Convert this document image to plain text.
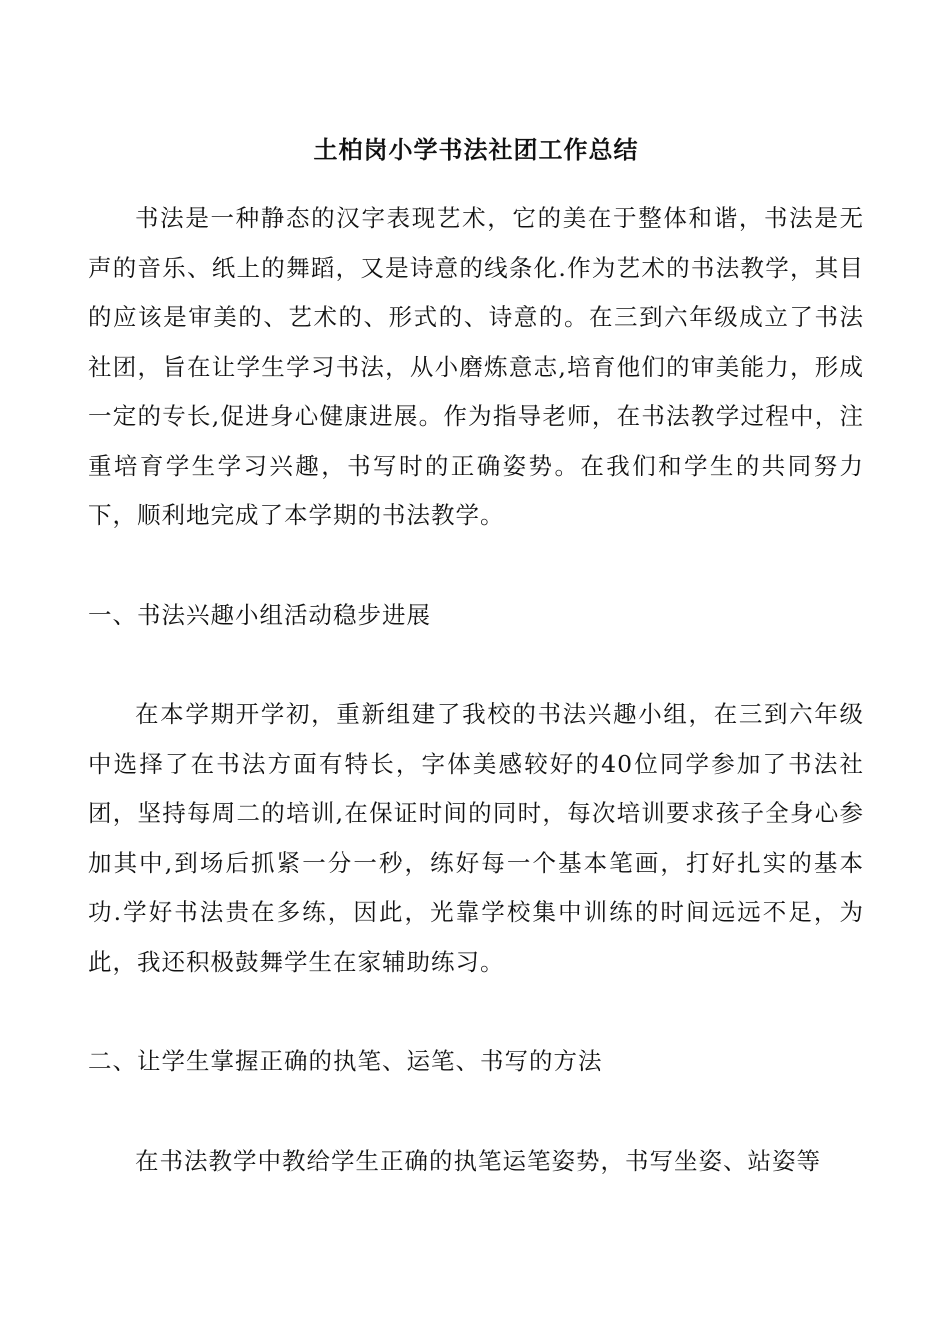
土柏岗小学书法社团工作总结

书法是一种静态的汉字表现艺术，它的美在于整体和谐，书法是无声的音乐、纸上的舞蹈，又是诗意的线条化.作为艺术的书法教学，其目的应该是审美的、艺术的、形式的、诗意的。在三到六年级成立了书法社团，旨在让学生学习书法，从小磨炼意志,培育他们的审美能力，形成一定的专长,促进身心健康进展。作为指导老师，在书法教学过程中，注重培育学生学习兴趣，书写时的正确姿势。在我们和学生的共同努力下，顺利地完成了本学期的书法教学。

一、书法兴趣小组活动稳步进展

在本学期开学初，重新组建了我校的书法兴趣小组，在三到六年级中选择了在书法方面有特长，字体美感较好的40位同学参加了书法社团，坚持每周二的培训,在保证时间的同时，每次培训要求孩子全身心参加其中,到场后抓紧一分一秒，练好每一个基本笔画，打好扎实的基本功.学好书法贵在多练，因此，光靠学校集中训练的时间远远不足，为此，我还积极鼓舞学生在家辅助练习。

二、让学生掌握正确的执笔、运笔、书写的方法

在书法教学中教给学生正确的执笔运笔姿势，书写坐姿、站姿等
